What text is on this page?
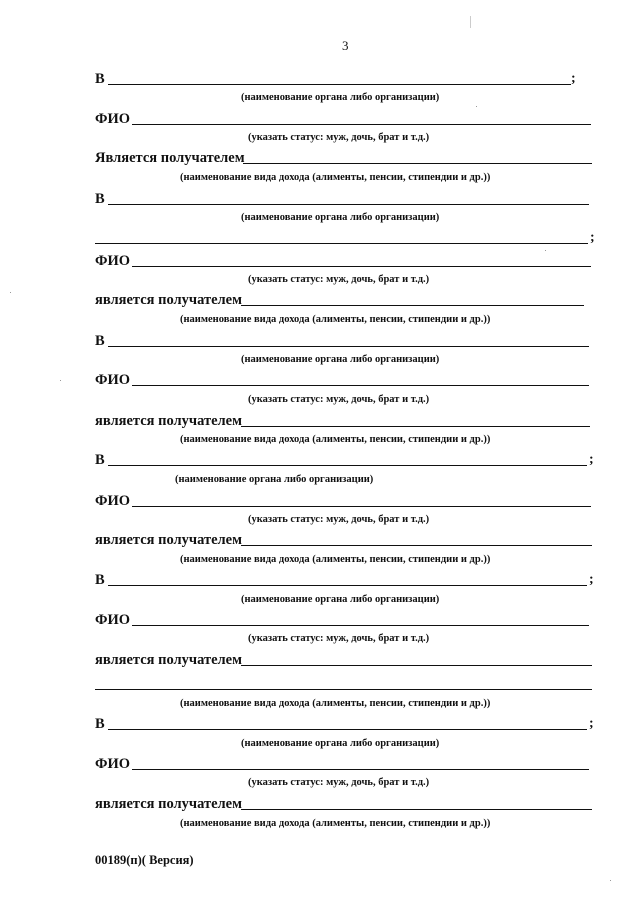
3
В	;
(наименование органа либо организации)
ФИО
(указать статус: муж, дочь, брат и т.д.)
Является получателем
(наименование вида дохода (алименты, пенсии, стипендии и др.))
В
(наименование органа либо организации)
;
ФИО
(указать статус: муж, дочь, брат и т.д.)
является получателем
(наименование вида дохода (алименты, пенсии, стипендии и др.))
В
(наименование органа либо организации)
ФИО
(указать статус: муж, дочь, брат и т.д.)
является получателем
(наименование вида дохода (алименты, пенсии, стипендии и др.))
В	;
(наименование органа либо организации)
ФИО
(указать статус: муж, дочь, брат и т.д.)
является получателем
(наименование вида дохода (алименты, пенсии, стипендии и др.))
В	;
(наименование органа либо организации)
ФИО
(указать статус: муж, дочь, брат и т.д.)
является получателем
(наименование вида дохода (алименты, пенсии, стипендии и др.))
В	;
(наименование органа либо организации)
ФИО
(указать статус: муж, дочь, брат и т.д.)
является получателем
(наименование вида дохода (алименты, пенсии, стипендии и др.))
00189(п)( Версия)
